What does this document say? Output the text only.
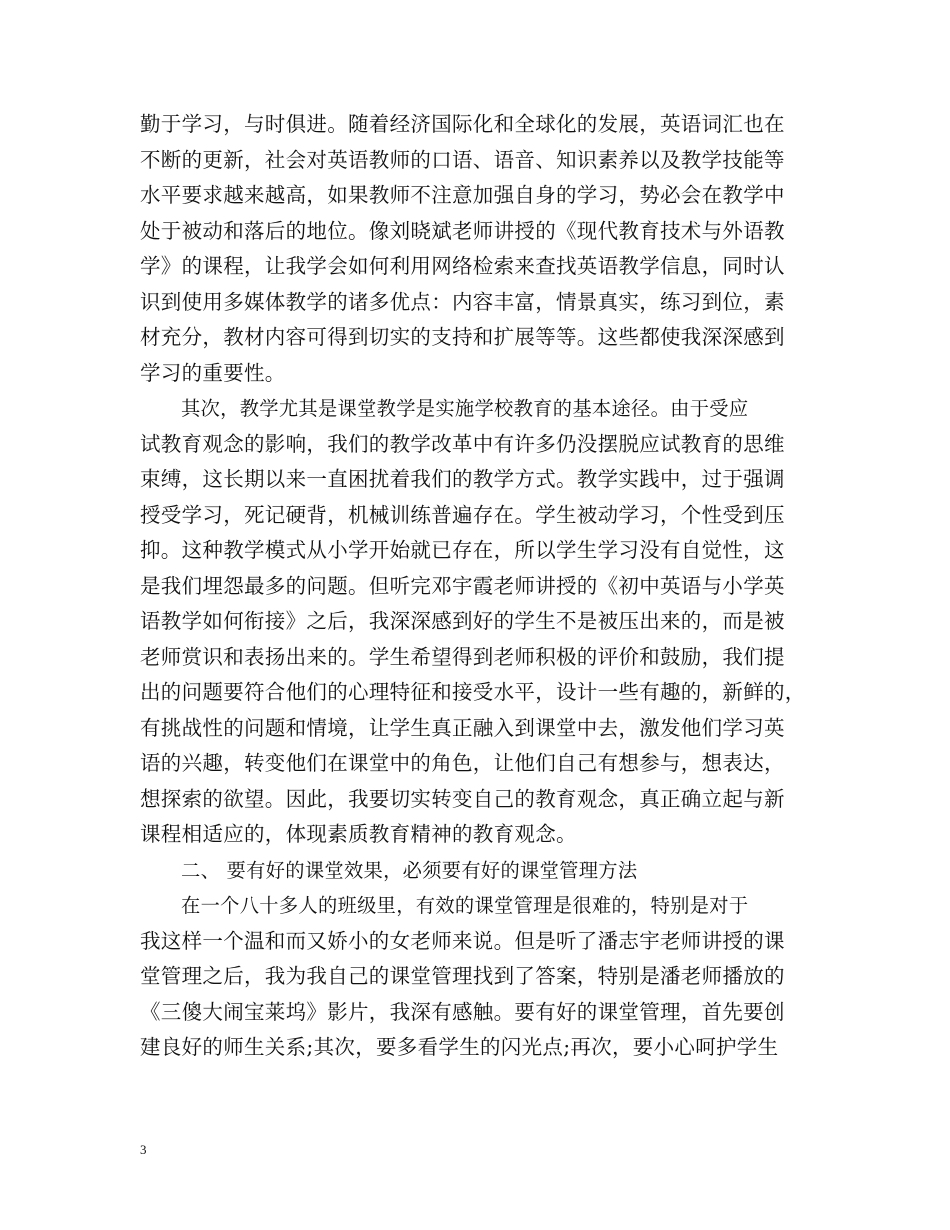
勤于学习，与时俱进。随着经济国际化和全球化的发展，英语词汇也在
不断的更新，社会对英语教师的口语、语音、知识素养以及教学技能等
水平要求越来越高，如果教师不注意加强自身的学习，势必会在教学中
处于被动和落后的地位。像刘晓斌老师讲授的《现代教育技术与外语教
学》的课程，让我学会如何利用网络检索来查找英语教学信息，同时认
识到使用多媒体教学的诸多优点：内容丰富，情景真实，练习到位，素
材充分，教材内容可得到切实的支持和扩展等等。这些都使我深深感到
学习的重要性。
其次，教学尤其是课堂教学是实施学校教育的基本途径。由于受应
试教育观念的影响，我们的教学改革中有许多仍没摆脱应试教育的思维
束缚，这长期以来一直困扰着我们的教学方式。教学实践中，过于强调
授受学习，死记硬背，机械训练普遍存在。学生被动学习，个性受到压
抑。这种教学模式从小学开始就已存在，所以学生学习没有自觉性，这
是我们埋怨最多的问题。但听完邓宇霞老师讲授的《初中英语与小学英
语教学如何衔接》之后，我深深感到好的学生不是被压出来的，而是被
老师赏识和表扬出来的。学生希望得到老师积极的评价和鼓励，我们提
出的问题要符合他们的心理特征和接受水平，设计一些有趣的，新鲜的，
有挑战性的问题和情境，让学生真正融入到课堂中去，激发他们学习英
语的兴趣，转变他们在课堂中的角色，让他们自己有想参与，想表达，
想探索的欲望。因此，我要切实转变自己的教育观念，真正确立起与新
课程相适应的，体现素质教育精神的教育观念。
二、 要有好的课堂效果，必须要有好的课堂管理方法
在一个八十多人的班级里，有效的课堂管理是很难的，特别是对于
我这样一个温和而又娇小的女老师来说。但是听了潘志宇老师讲授的课
堂管理之后，我为我自己的课堂管理找到了答案，特别是潘老师播放的
《三傻大闹宝莱坞》影片，我深有感触。要有好的课堂管理，首先要创
建良好的师生关系;其次，要多看学生的闪光点;再次，要小心呵护学生
3
